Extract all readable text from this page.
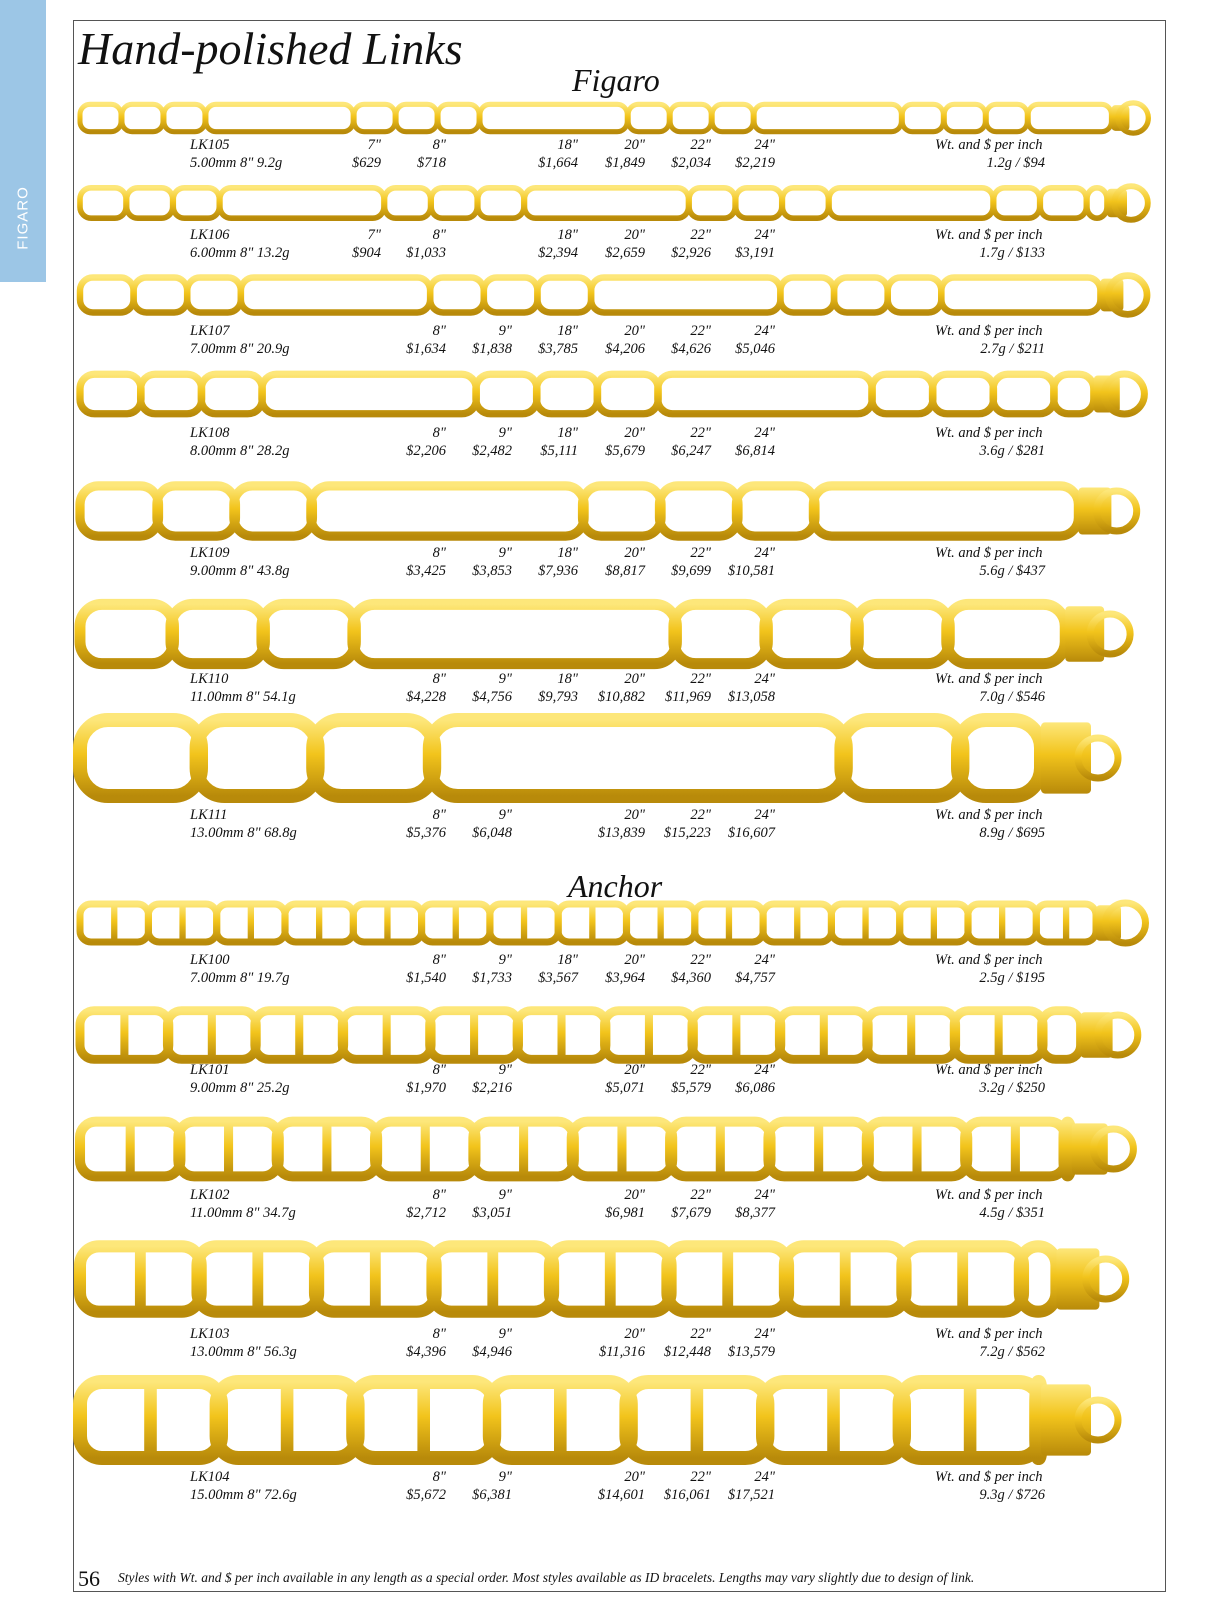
FIGARO
Hand-polished Links
Figaro
LK105
5.00mm 8" 9.2g
7"
$629
8"
$718
18"
$1,664
20"
$1,849
22"
$2,034
24"
$2,219
Wt. and $ per inch
1.2g / $94
LK106
6.00mm 8" 13.2g
7"
$904
8"
$1,033
18"
$2,394
20"
$2,659
22"
$2,926
24"
$3,191
Wt. and $ per inch
1.7g / $133
LK107
7.00mm 8" 20.9g
8"
$1,634
9"
$1,838
18"
$3,785
20"
$4,206
22"
$4,626
24"
$5,046
Wt. and $ per inch
2.7g / $211
LK108
8.00mm 8" 28.2g
8"
$2,206
9"
$2,482
18"
$5,111
20"
$5,679
22"
$6,247
24"
$6,814
Wt. and $ per inch
3.6g / $281
LK109
9.00mm 8" 43.8g
8"
$3,425
9"
$3,853
18"
$7,936
20"
$8,817
22"
$9,699
24"
$10,581
Wt. and $ per inch
5.6g / $437
LK110
11.00mm 8" 54.1g
8"
$4,228
9"
$4,756
18"
$9,793
20"
$10,882
22"
$11,969
24"
$13,058
Wt. and $ per inch
7.0g / $546
LK111
13.00mm 8" 68.8g
8"
$5,376
9"
$6,048
20"
$13,839
22"
$15,223
24"
$16,607
Wt. and $ per inch
8.9g / $695
Anchor
LK100
7.00mm 8" 19.7g
8"
$1,540
9"
$1,733
18"
$3,567
20"
$3,964
22"
$4,360
24"
$4,757
Wt. and $ per inch
2.5g / $195
LK101
9.00mm 8" 25.2g
8"
$1,970
9"
$2,216
20"
$5,071
22"
$5,579
24"
$6,086
Wt. and $ per inch
3.2g / $250
LK102
11.00mm 8" 34.7g
8"
$2,712
9"
$3,051
20"
$6,981
22"
$7,679
24"
$8,377
Wt. and $ per inch
4.5g / $351
LK103
13.00mm 8" 56.3g
8"
$4,396
9"
$4,946
20"
$11,316
22"
$12,448
24"
$13,579
Wt. and $ per inch
7.2g / $562
LK104
15.00mm 8" 72.6g
8"
$5,672
9"
$6,381
20"
$14,601
22"
$16,061
24"
$17,521
Wt. and $ per inch
9.3g / $726
56 Styles with Wt. and $ per inch available in any length as a special order. Most styles available as ID bracelets. Lengths may vary slightly due to design of link.
